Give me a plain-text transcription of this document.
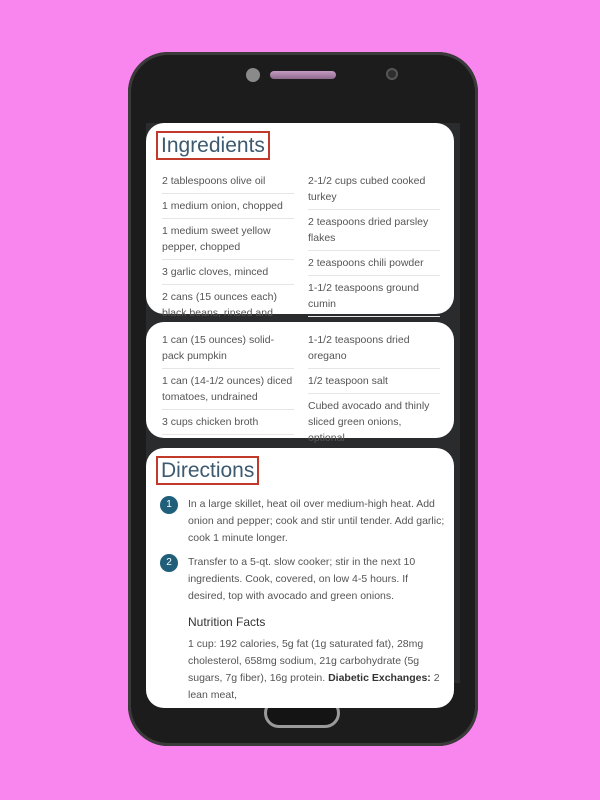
Ingredients
2 tablespoons olive oil
1 medium onion, chopped
1 medium sweet yellow pepper, chopped
3 garlic cloves, minced
2 cans (15 ounces each) black beans, rinsed and
2-1/2 cups cubed cooked turkey
2 teaspoons dried parsley flakes
2 teaspoons chili powder
1-1/2 teaspoons ground cumin
1 can (15 ounces) solid-pack pumpkin
1 can (14-1/2 ounces) diced tomatoes, undrained
3 cups chicken broth
1-1/2 teaspoons dried oregano
1/2 teaspoon salt
Cubed avocado and thinly sliced green onions, optional
Directions
1	In a large skillet, heat oil over medium-high heat. Add onion and pepper; cook and stir until tender. Add garlic; cook 1 minute longer.
2	Transfer to a 5-qt. slow cooker; stir in the next 10 ingredients. Cook, covered, on low 4-5 hours. If desired, top with avocado and green onions.
Nutrition Facts
1 cup: 192 calories, 5g fat (1g saturated fat), 28mg cholesterol, 658mg sodium, 21g carbohydrate (5g sugars, 7g fiber), 16g protein. Diabetic Exchanges: 2 lean meat,
